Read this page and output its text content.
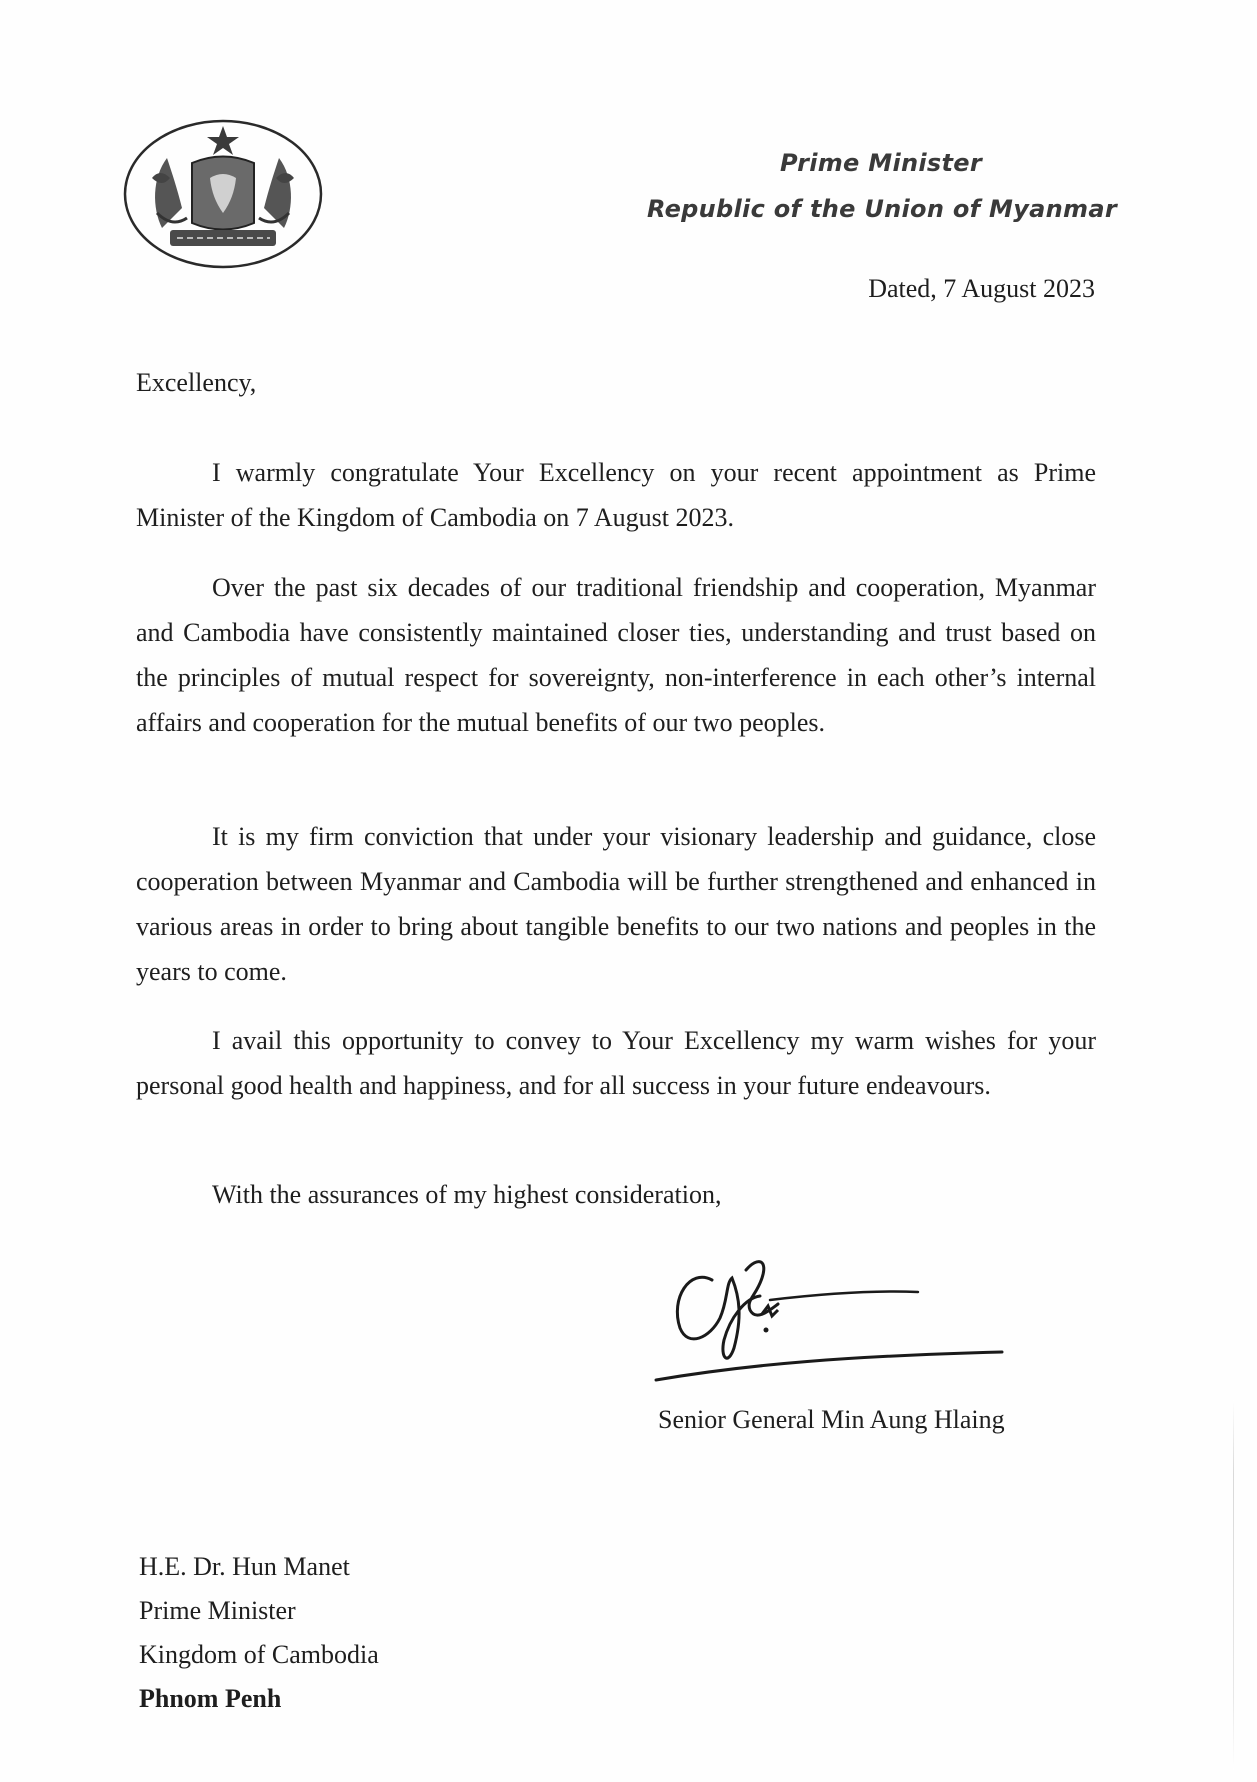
Prime Minister
Republic of the Union of Myanmar
Dated, 7 August 2023
Excellency,

I warmly congratulate Your Excellency on your recent appointment as Prime Minister of the Kingdom of Cambodia on 7 August 2023.

Over the past six decades of our traditional friendship and cooperation, Myanmar and Cambodia have consistently maintained closer ties, understanding and trust based on the principles of mutual respect for sovereignty, non-interference in each other’s internal affairs and cooperation for the mutual benefits of our two peoples.

It is my firm conviction that under your visionary leadership and guidance, close cooperation between Myanmar and Cambodia will be further strengthened and enhanced in various areas in order to bring about tangible benefits to our two nations and peoples in the years to come.

I avail this opportunity to convey to Your Excellency my warm wishes for your personal good health and happiness, and for all success in your future endeavours.

With the assurances of my highest consideration,
Senior General Min Aung Hlaing
H.E. Dr. Hun Manet
Prime Minister
Kingdom of Cambodia
Phnom Penh
